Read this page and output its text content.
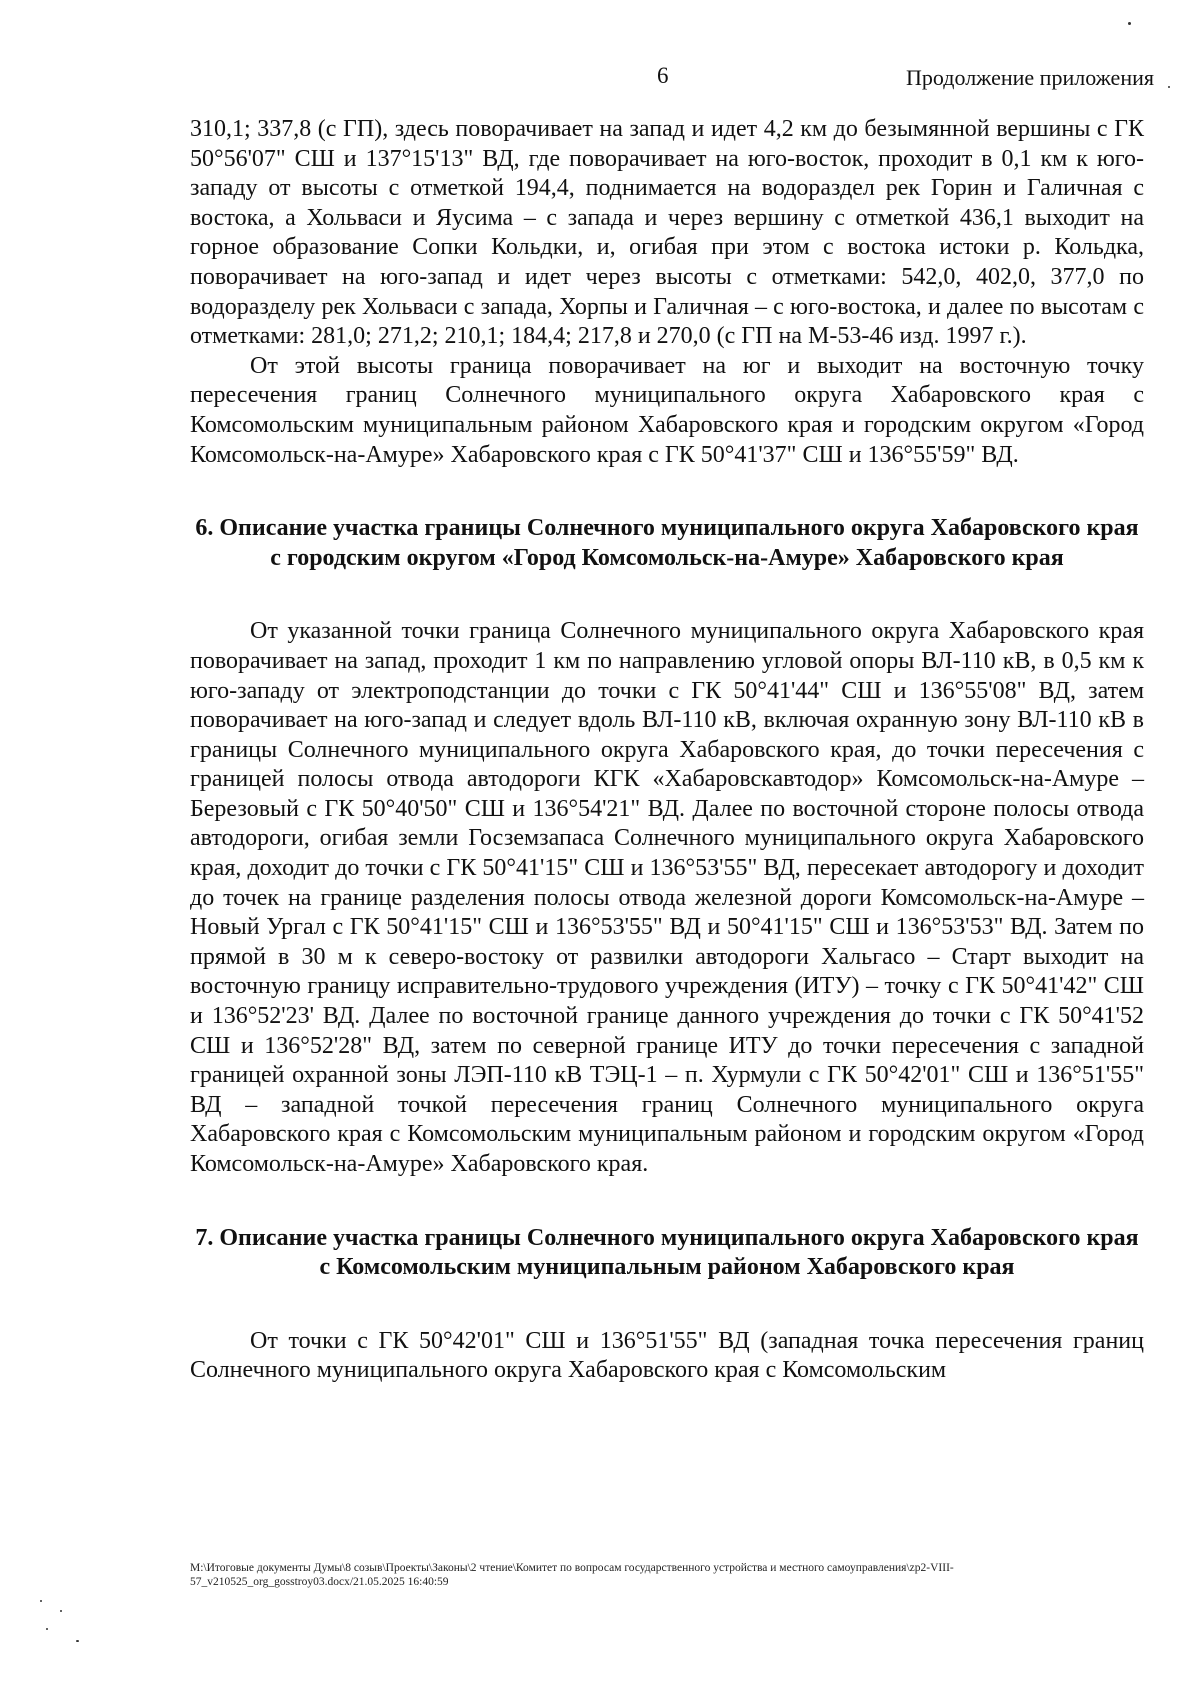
6	Продолжение приложения

310,1; 337,8 (с ГП), здесь поворачивает на запад и идет 4,2 км до безымянной вершины с ГК 50°56'07" СШ и 137°15'13" ВД, где поворачивает на юго-восток, проходит в 0,1 км к юго-западу от высоты с отметкой 194,4, поднимается на водораздел рек Горин и Галичная с востока, а Хольваси и Яусима – с запада и через вершину с отметкой 436,1 выходит на горное образование Сопки Кольдки, и, огибая при этом с востока истоки р. Кольдка, поворачивает на юго-запад и идет через высоты с отметками: 542,0, 402,0, 377,0 по водоразделу рек Хольваси с запада, Хорпы и Галичная – с юго-востока, и далее по высотам с отметками: 281,0; 271,2; 210,1; 184,4; 217,8 и 270,0 (с ГП на М-53-46 изд. 1997 г.).

От этой высоты граница поворачивает на юг и выходит на восточную точку пересечения границ Солнечного муниципального округа Хабаровского края с Комсомольским муниципальным районом Хабаровского края и городским округом «Город Комсомольск-на-Амуре» Хабаровского края с ГК 50°41'37" СШ и 136°55'59" ВД.

6. Описание участка границы Солнечного муниципального округа Хабаровского края с городским округом «Город Комсомольск-на-Амуре» Хабаровского края

От указанной точки граница Солнечного муниципального округа Хабаровского края поворачивает на запад, проходит 1 км по направлению угловой опоры ВЛ-110 кВ, в 0,5 км к юго-западу от электроподстанции до точки с ГК 50°41'44" СШ и 136°55'08" ВД, затем поворачивает на юго-запад и следует вдоль ВЛ-110 кВ, включая охранную зону ВЛ-110 кВ в границы Солнечного муниципального округа Хабаровского края, до точки пересечения с границей полосы отвода автодороги КГК «Хабаровскавтодор» Комсомольск-на-Амуре – Березовый с ГК 50°40'50" СШ и 136°54'21" ВД. Далее по восточной стороне полосы отвода автодороги, огибая земли Госземзапаса Солнечного муниципального округа Хабаровского края, доходит до точки с ГК 50°41'15" СШ и 136°53'55" ВД, пересекает автодорогу и доходит до точек на границе разделения полосы отвода железной дороги Комсомольск-на-Амуре – Новый Ургал с ГК 50°41'15" СШ и 136°53'55" ВД и 50°41'15" СШ и 136°53'53" ВД. Затем по прямой в 30 м к северо-востоку от развилки автодороги Хальгасо – Старт выходит на восточную границу исправительно-трудового учреждения (ИТУ) – точку с ГК 50°41'42" СШ и 136°52'23' ВД. Далее по восточной границе данного учреждения до точки с ГК 50°41'52 СШ и 136°52'28" ВД, затем по северной границе ИТУ до точки пересечения с западной границей охранной зоны ЛЭП-110 кВ ТЭЦ-1 – п. Хурмули с ГК 50°42'01" СШ и 136°51'55" ВД – западной точкой пересечения границ Солнечного муниципального округа Хабаровского края с Комсомольским муниципальным районом и городским округом «Город Комсомольск-на-Амуре» Хабаровского края.

7. Описание участка границы Солнечного муниципального округа Хабаровского края с Комсомольским муниципальным районом Хабаровского края

От точки с ГК 50°42'01" СШ и 136°51'55" ВД (западная точка пересечения границ Солнечного муниципального округа Хабаровского края с Комсомольским

M:\Итоговые документы Думы\8 созыв\Проекты\Законы\2 чтение\Комитет по вопросам государственного устройства и местного самоуправления\zp2-VIII-57_v210525_org_gosstroy03.docx/21.05.2025 16:40:59
